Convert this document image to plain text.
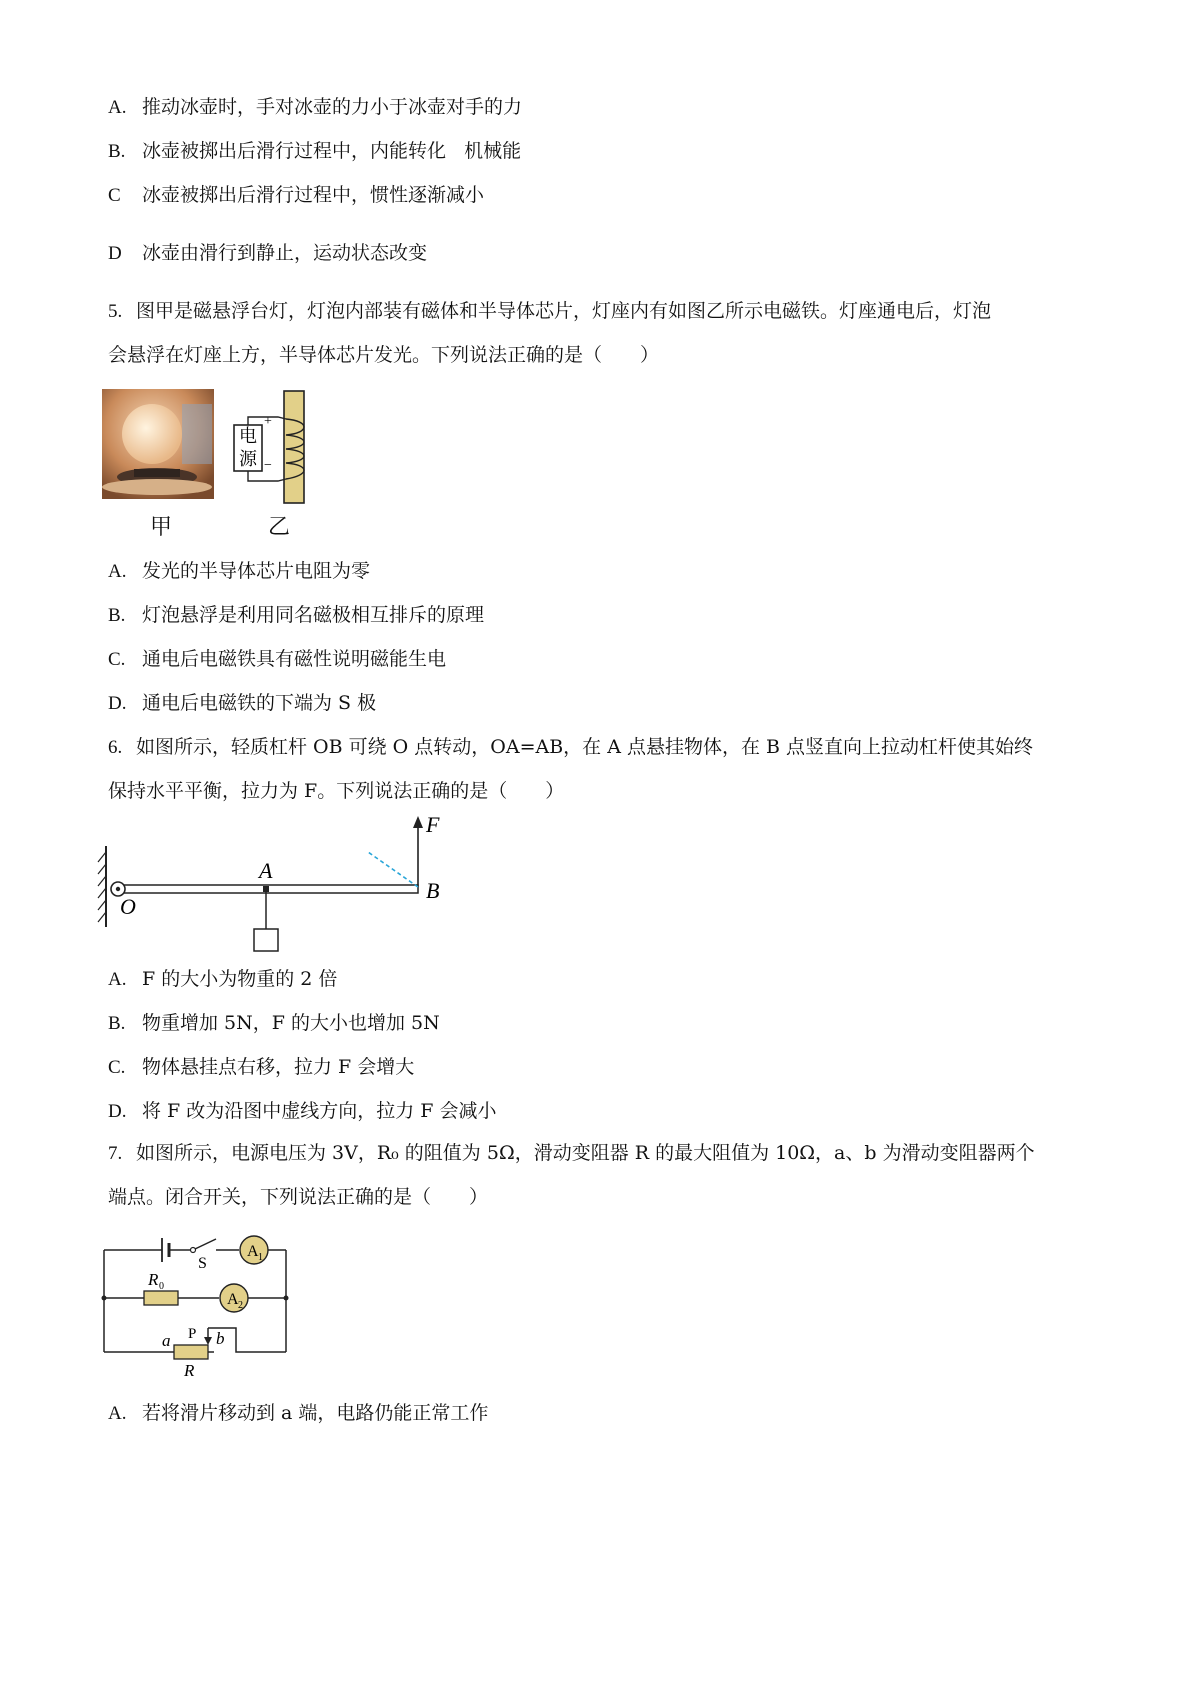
A. 推动冰壶时，手对冰壶的力小于冰壶对手的力
B. 冰壶被掷出后滑行过程中，内能转化   机械能
C 冰壶被掷出后滑行过程中，惯性逐渐减小
D 冰壶由滑行到静止，运动状态改变
5. 图甲是磁悬浮台灯，灯泡内部装有磁体和半导体芯片，灯座内有如图乙所示电磁铁。灯座通电后，灯泡
会悬浮在灯座上方，半导体芯片发光。下列说法正确的是（　　）
电
源
+
−
甲	乙
A. 发光的半导体芯片电阻为零
B. 灯泡悬浮是利用同名磁极相互排斥的原理
C. 通电后电磁铁具有磁性说明磁能生电
D. 通电后电磁铁的下端为 S 极
6. 如图所示，轻质杠杆 OB 可绕 O 点转动，OA=AB，在 A 点悬挂物体，在 B 点竖直向上拉动杠杆使其始终
保持水平平衡，拉力为 F。下列说法正确的是（　　）
O
A
F
B
A. F 的大小为物重的 2 倍
B. 物重增加 5N，F 的大小也增加 5N
C. 物体悬挂点右移，拉力 F 会增大
D. 将 F 改为沿图中虚线方向，拉力 F 会减小
7. 如图所示，电源电压为 3V，R₀ 的阻值为 5Ω，滑动变阻器 R 的最大阻值为 10Ω，a、b 为滑动变阻器两个
端点。闭合开关，下列说法正确的是（　　）
S
A 1
R 0
A 2
a P b
R
A. 若将滑片移动到 a 端，电路仍能正常工作
